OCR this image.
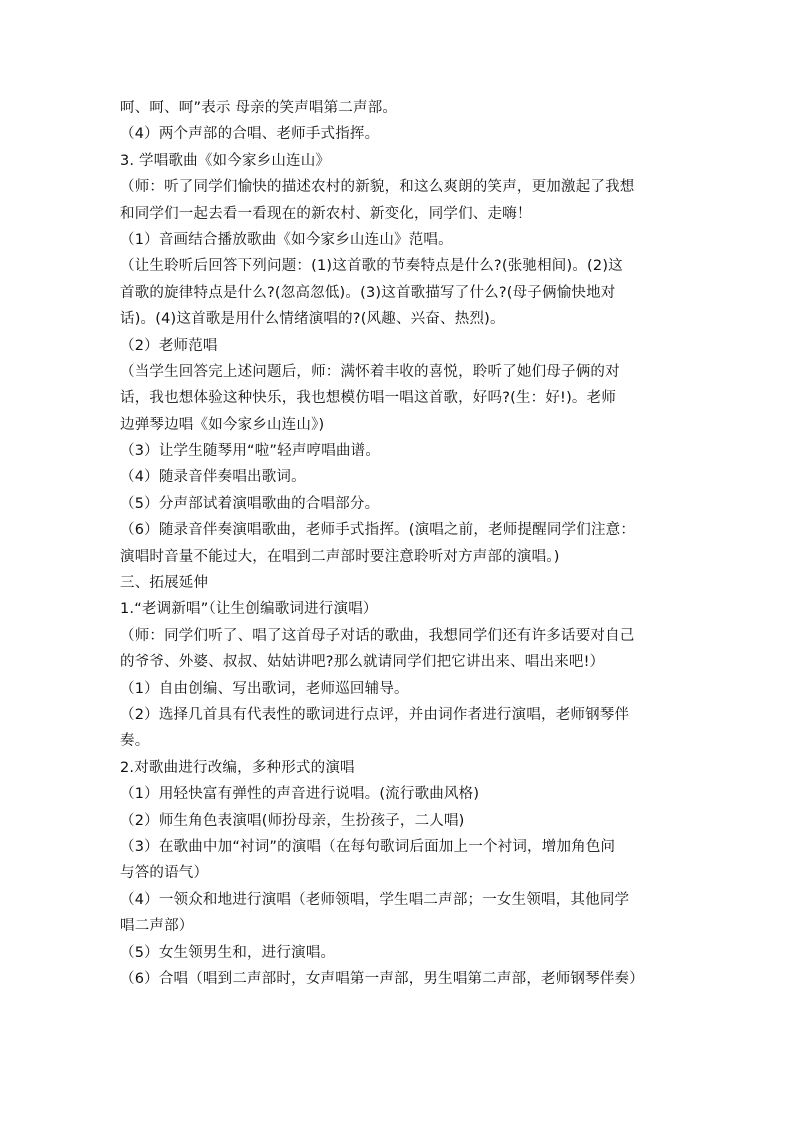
呵、呵、呵”表示 母亲的笑声唱第二声部。
（4）两个声部的合唱、老师手式指挥。
3. 学唱歌曲《如今家乡山连山》
（师：听了同学们愉快的描述农村的新貌，和这么爽朗的笑声，更加激起了我想
和同学们一起去看一看现在的新农村、新变化，同学们、走嗨！
（1）音画结合播放歌曲《如今家乡山连山》范唱。
（让生聆听后回答下列问题：(1)这首歌的节奏特点是什么?(张驰相间)。(2)这
首歌的旋律特点是什么?(忽高忽低)。(3)这首歌描写了什么?(母子俩愉快地对
话)。(4)这首歌是用什么情绪演唱的?(风趣、兴奋、热烈)。
（2）老师范唱
（当学生回答完上述问题后，师：满怀着丰收的喜悦，聆听了她们母子俩的对
话，我也想体验这种快乐，我也想模仿唱一唱这首歌，好吗?(生：好!)。老师
边弹琴边唱《如今家乡山连山》)
（3）让学生随琴用“啦”轻声哼唱曲谱。
（4）随录音伴奏唱出歌词。
（5）分声部试着演唱歌曲的合唱部分。
（6）随录音伴奏演唱歌曲，老师手式指挥。(演唱之前，老师提醒同学们注意：
演唱时音量不能过大，在唱到二声部时要注意聆听对方声部的演唱。)
三、拓展延伸
1.“老调新唱”（让生创编歌词进行演唱）
（师：同学们听了、唱了这首母子对话的歌曲，我想同学们还有许多话要对自己
的爷爷、外婆、叔叔、姑姑讲吧?那么就请同学们把它讲出来、唱出来吧!）
（1）自由创编、写出歌词，老师巡回辅导。
（2）选择几首具有代表性的歌词进行点评，并由词作者进行演唱，老师钢琴伴
奏。
2.对歌曲进行改编，多种形式的演唱
（1）用轻快富有弹性的声音进行说唱。(流行歌曲风格)
（2）师生角色表演唱(师扮母亲，生扮孩子，二人唱)
（3）在歌曲中加“衬词”的演唱（在每句歌词后面加上一个衬词，增加角色问
与答的语气）
（4）一领众和地进行演唱（老师领唱，学生唱二声部；一女生领唱，其他同学
唱二声部）
（5）女生领男生和，进行演唱。
（6）合唱（唱到二声部时，女声唱第一声部，男生唱第二声部，老师钢琴伴奏）
